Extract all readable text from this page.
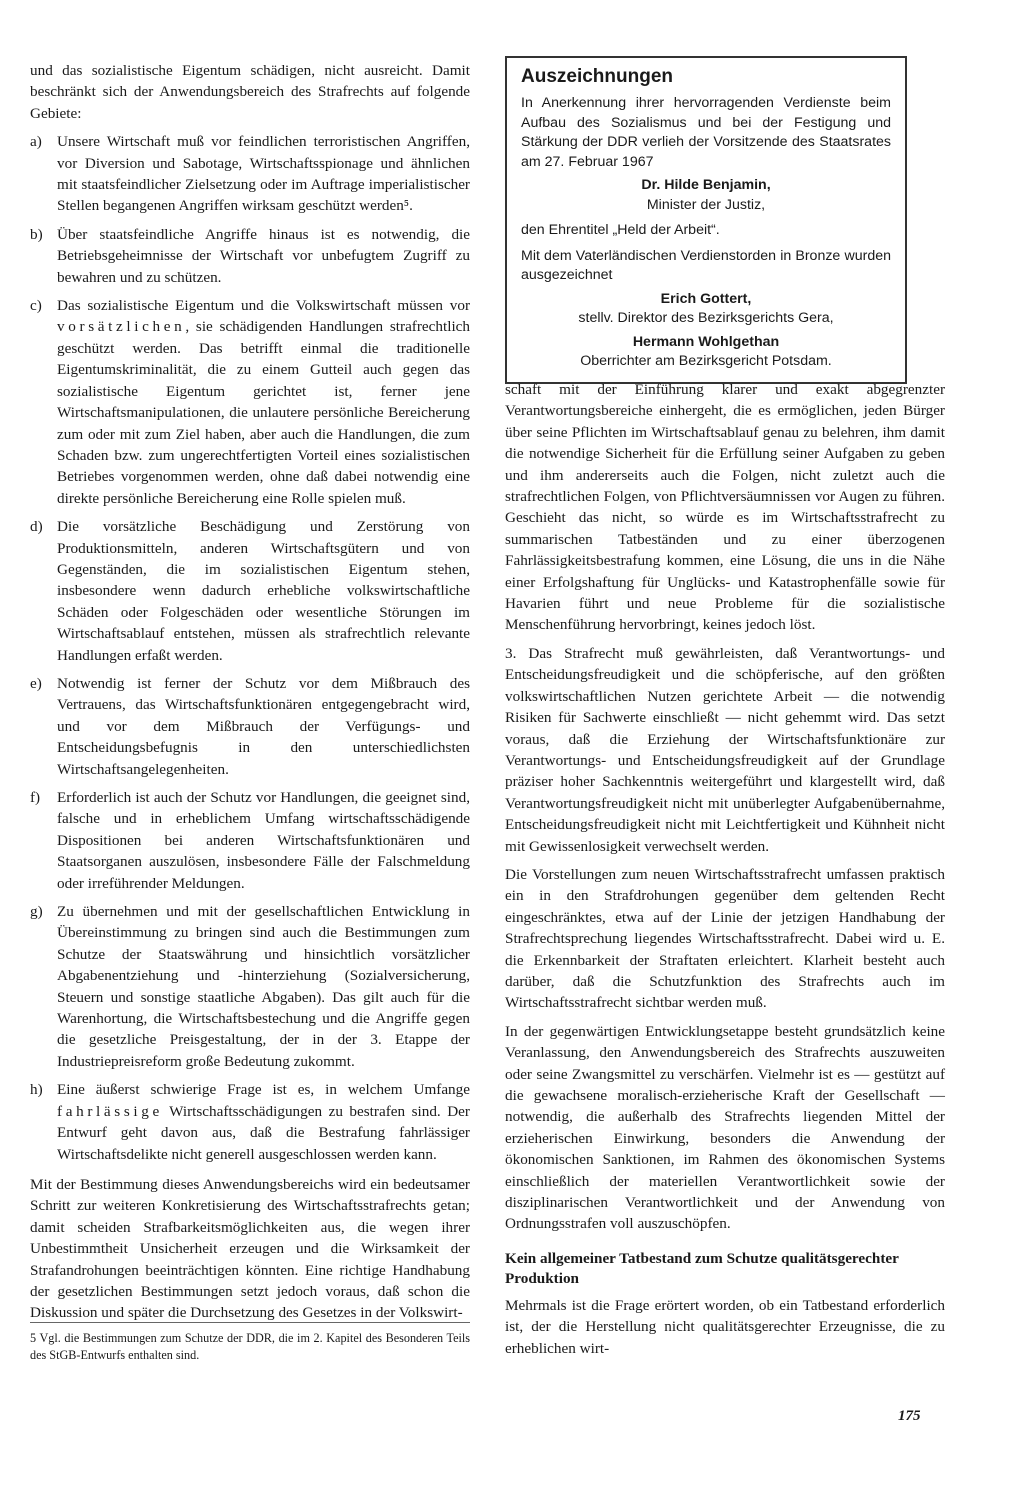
und das sozialistische Eigentum schädigen, nicht ausreicht. Damit beschränkt sich der Anwendungsbereich des Strafrechts auf folgende Gebiete:

a) Unsere Wirtschaft muß vor feindlichen terroristischen Angriffen, vor Diversion und Sabotage, Wirtschaftsspionage und ähnlichen mit staatsfeindlicher Zielsetzung oder im Auftrage imperialistischer Stellen begangenen Angriffen wirksam geschützt werden⁵.
b) Über staatsfeindliche Angriffe hinaus ist es notwendig, die Betriebsgeheimnisse der Wirtschaft vor unbefugtem Zugriff zu bewahren und zu schützen.
c) Das sozialistische Eigentum und die Volkswirtschaft müssen vor vorsätzlichen, sie schädigenden Handlungen strafrechtlich geschützt werden. Das betrifft einmal die traditionelle Eigentumskriminalität, die zu einem Gutteil auch gegen das sozialistische Eigentum gerichtet ist, ferner jene Wirtschaftsmanipulationen, die unlautere persönliche Bereicherung zum oder mit zum Ziel haben, aber auch die Handlungen, die zum Schaden bzw. zum ungerechtfertigten Vorteil eines sozialistischen Betriebes vorgenommen werden, ohne daß dabei notwendig eine direkte persönliche Bereicherung eine Rolle spielen muß.
d) Die vorsätzliche Beschädigung und Zerstörung von Produktionsmitteln, anderen Wirtschaftsgütern und von Gegenständen, die im sozialistischen Eigentum stehen, insbesondere wenn dadurch erhebliche volkswirtschaftliche Schäden oder Folgeschäden oder wesentliche Störungen im Wirtschaftsablauf entstehen, müssen als strafrechtlich relevante Handlungen erfaßt werden.
e) Notwendig ist ferner der Schutz vor dem Mißbrauch des Vertrauens, das Wirtschaftsfunktionären entgegengebracht wird, und vor dem Mißbrauch der Verfügungs- und Entscheidungsbefugnis in den unterschiedlichsten Wirtschaftsangelegenheiten.
f)	Erforderlich ist auch der Schutz vor Handlungen, die geeignet sind, falsche und in erheblichem Umfang wirtschaftsschädigende Dispositionen bei anderen Wirtschaftsfunktionären und Staatsorganen auszulösen, insbesondere Fälle der Falschmeldung oder irreführender Meldungen.
g) Zu übernehmen und mit der gesellschaftlichen Entwicklung in Übereinstimmung zu bringen sind auch die Bestimmungen zum Schutze der Staatswährung und hinsichtlich vorsätzlicher Abgabenentziehung und -hinterziehung (Sozialversicherung, Steuern und sonstige staatliche Abgaben). Das gilt auch für die Warenhortung, die Wirtschaftsbestechung und die Angriffe gegen die gesetzliche Preisgestaltung, der in der 3. Etappe der Industriepreisreform große Bedeutung zukommt.
h) Eine äußerst schwierige Frage ist es, in welchem Umfange fahrlässige Wirtschaftsschädigungen zu bestrafen sind. Der Entwurf geht davon aus, daß die Bestrafung fahrlässiger Wirtschaftsdelikte nicht generell ausgeschlossen werden kann.

Mit der Bestimmung dieses Anwendungsbereichs wird ein bedeutsamer Schritt zur weiteren Konkretisierung des Wirtschaftsstrafrechts getan; damit scheiden Strafbarkeitsmöglichkeiten aus, die wegen ihrer Unbestimmtheit Unsicherheit erzeugen und die Wirksamkeit der Strafandrohungen beeinträchtigen könnten. Eine richtige Handhabung der gesetzlichen Bestimmungen setzt jedoch voraus, daß schon die Diskussion und später die Durchsetzung des Gesetzes in der Volkswirt-

5 Vgl. die Bestimmungen zum Schutze der DDR, die im 2. Kapitel des Besonderen Teils des StGB-Entwurfs enthalten sind.
Auszeichnungen

In Anerkennung ihrer hervorragenden Verdienste beim Aufbau des Sozialismus und bei der Festigung und Stärkung der DDR verlieh der Vorsitzende des Staatsrates am 27. Februar 1967

Dr. Hilde Benjamin,

Minister der Justiz,

den Ehrentitel „Held der Arbeit“.

Mit dem Vaterländischen Verdienstorden in Bronze wurden ausgezeichnet

Erich Gottert,

stellv. Direktor des Bezirksgerichts Gera,

Hermann Wohlgethan

Oberrichter am Bezirksgericht Potsdam.

schaft mit der Einführung klarer und exakt abgegrenzter Verantwortungsbereiche einhergeht, die es ermöglichen, jeden Bürger über seine Pflichten im Wirtschaftsablauf genau zu belehren, ihm damit die notwendige Sicherheit für die Erfüllung seiner Aufgaben zu geben und ihm andererseits auch die Folgen, nicht zuletzt auch die strafrechtlichen Folgen, von Pflichtversäumnissen vor Augen zu führen. Geschieht das nicht, so würde es im Wirtschaftsstrafrecht zu summarischen Tatbeständen und zu einer überzogenen Fahrlässigkeitsbestrafung kommen, eine Lösung, die uns in die Nähe einer Erfolgshaftung für Unglücks- und Katastrophenfälle sowie für Havarien führt und neue Probleme für die sozialistische Menschenführung hervorbringt, keines jedoch löst.

3. Das Strafrecht muß gewährleisten, daß Verantwortungs- und Entscheidungsfreudigkeit und die schöpferische, auf den größten volkswirtschaftlichen Nutzen gerichtete Arbeit — die notwendig Risiken für Sachwerte einschließt — nicht gehemmt wird. Das setzt voraus, daß die Erziehung der Wirtschaftsfunktionäre zur Verantwortungs- und Entscheidungsfreudigkeit auf der Grundlage präziser hoher Sachkenntnis weitergeführt und klargestellt wird, daß Verantwortungsfreudigkeit nicht mit unüberlegter Aufgabenübernahme, Entscheidungsfreudigkeit nicht mit Leichtfertigkeit und Kühnheit nicht mit Gewissenlosigkeit verwechselt werden.

Die Vorstellungen zum neuen Wirtschaftsstrafrecht umfassen praktisch ein in den Strafdrohungen gegenüber dem geltenden Recht eingeschränktes, etwa auf der Linie der jetzigen Handhabung der Strafrechtsprechung liegendes Wirtschaftsstrafrecht. Dabei wird u. E. die Erkennbarkeit der Straftaten erleichtert. Klarheit besteht auch darüber, daß die Schutzfunktion des Strafrechts auch im Wirtschaftsstrafrecht sichtbar werden muß.

In der gegenwärtigen Entwicklungsetappe besteht grundsätzlich keine Veranlassung, den Anwendungsbereich des Strafrechts auszuweiten oder seine Zwangsmittel zu verschärfen. Vielmehr ist es — gestützt auf die gewachsene moralisch-erzieherische Kraft der Gesellschaft — notwendig, die außerhalb des Strafrechts liegenden Mittel der erzieherischen Einwirkung, besonders die Anwendung der ökonomischen Sanktionen, im Rahmen des ökonomischen Systems einschließlich der materiellen Verantwortlichkeit sowie der disziplinarischen Verantwortlichkeit und der Anwendung von Ordnungsstrafen voll auszuschöpfen.

Kein allgemeiner Tatbestand zum Schutze qualitätsgerechter Produktion

Mehrmals ist die Frage erörtert worden, ob ein Tatbestand erforderlich ist, der die Herstellung nicht qualitätsgerechter Erzeugnisse, die zu erheblichen wirt-

175
